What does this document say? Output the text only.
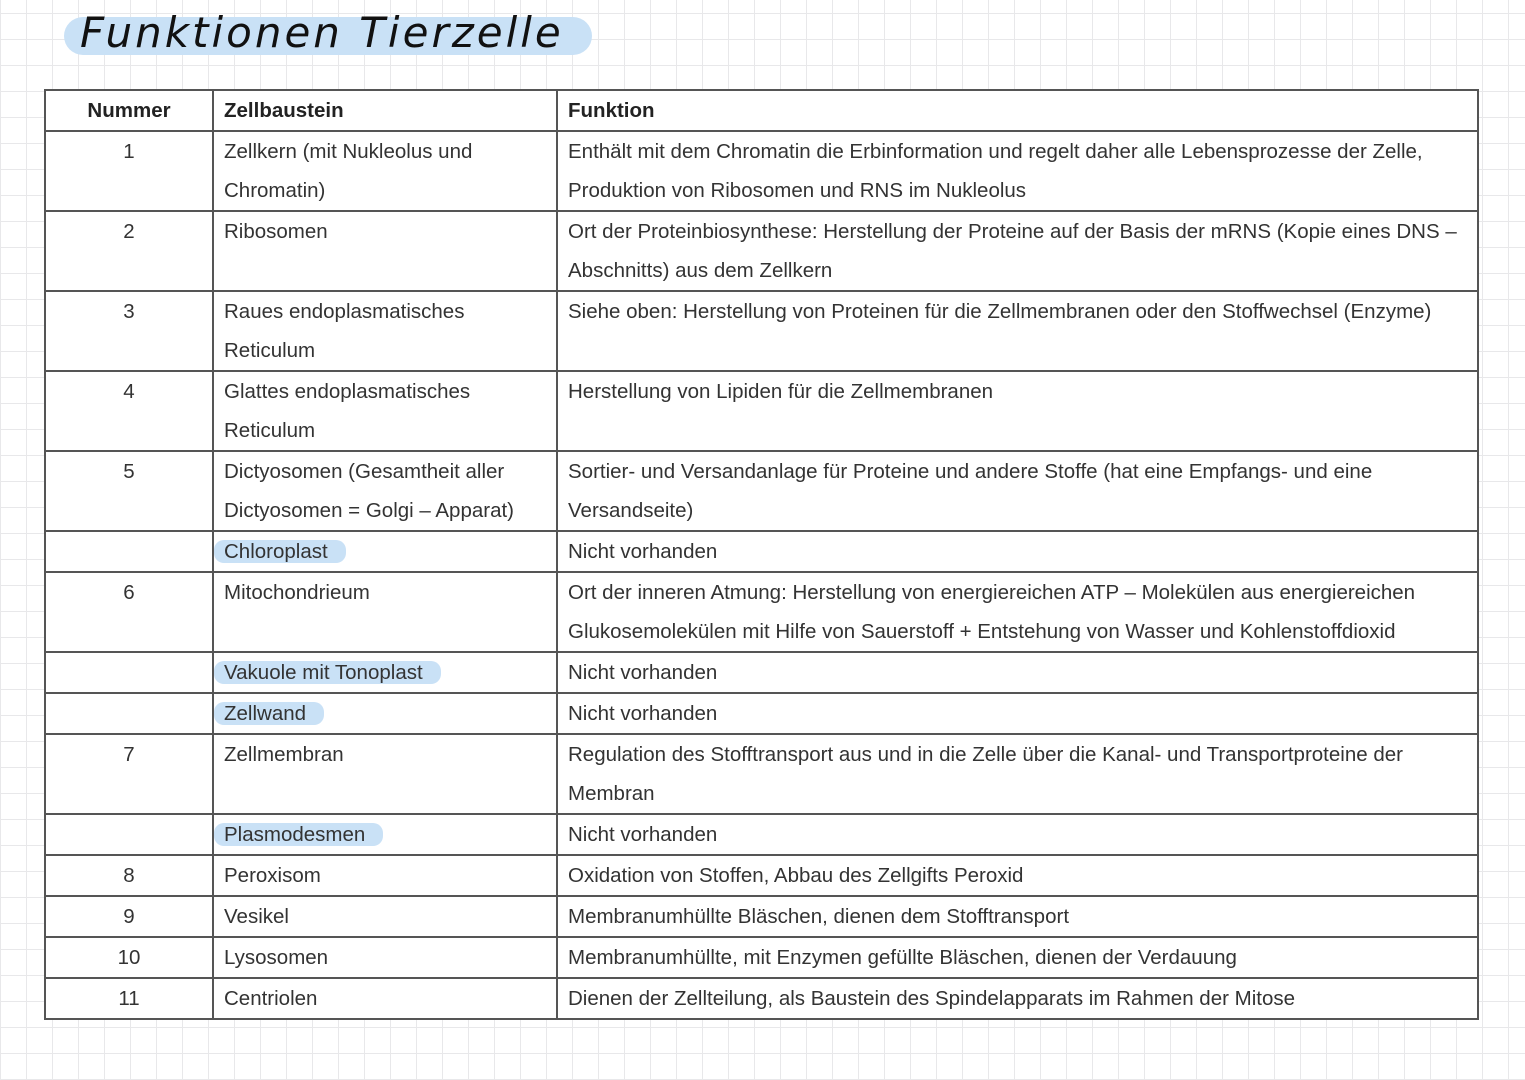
Funktionen Tierzelle
Nummer	Zellbaustein	Funktion
1	Zellkern (mit Nukleolus und Chromatin)	Enthält mit dem Chromatin die Erbinformation und regelt daher alle Lebensprozesse der Zelle, Produktion von Ribosomen und RNS im Nukleolus
2	Ribosomen	Ort der Proteinbiosynthese: Herstellung der Proteine auf der Basis der mRNS (Kopie eines DNS – Abschnitts) aus dem Zellkern
3	Raues endoplasmatisches Reticulum	Siehe oben: Herstellung von Proteinen für die Zellmembranen oder den Stoffwechsel (Enzyme)
4	Glattes endoplasmatisches Reticulum	Herstellung von Lipiden für die Zellmembranen
5	Dictyosomen (Gesamtheit aller Dictyosomen = Golgi – Apparat)	Sortier- und Versandanlage für Proteine und andere Stoffe (hat eine Empfangs- und eine Versandseite)
	Chloroplast	Nicht vorhanden
6	Mitochondrieum	Ort der inneren Atmung: Herstellung von energiereichen ATP – Molekülen aus energiereichen Glukosemolekülen mit Hilfe von Sauerstoff + Entstehung von Wasser und Kohlenstoffdioxid
	Vakuole mit Tonoplast	Nicht vorhanden
	Zellwand	Nicht vorhanden
7	Zellmembran	Regulation des Stofftransport aus und in die Zelle über die Kanal- und Transportproteine der Membran
	Plasmodesmen	Nicht vorhanden
8	Peroxisom	Oxidation von Stoffen, Abbau des Zellgifts Peroxid
9	Vesikel	Membranumhüllte Bläschen, dienen dem Stofftransport
10	Lysosomen	Membranumhüllte, mit Enzymen gefüllte Bläschen, dienen der Verdauung
11	Centriolen	Dienen der Zellteilung, als Baustein des Spindelapparats im Rahmen der Mitose
